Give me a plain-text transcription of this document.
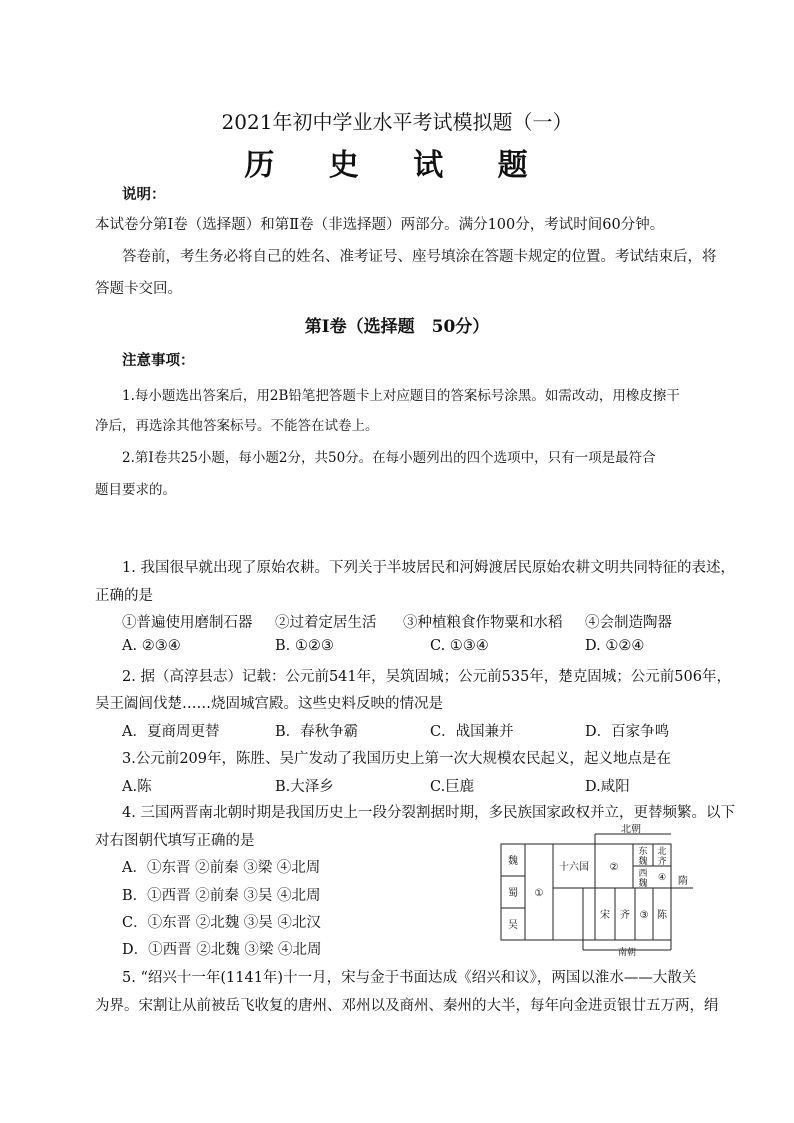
2021年初中学业水平考试模拟题（一）
历 史 试 题
说明：
本试卷分第Ⅰ卷（选择题）和第Ⅱ卷（非选择题）两部分。满分100分，考试时间60分钟。
答卷前，考生务必将自己的姓名、准考证号、座号填涂在答题卡规定的位置。考试结束后，将
答题卡交回。
第Ⅰ卷（选择题　50分）
注意事项：
1.每小题选出答案后，用2B铅笔把答题卡上对应题目的答案标号涂黑。如需改动，用橡皮擦干
净后，再选涂其他答案标号。不能答在试卷上。
2.第Ⅰ卷共25小题，每小题2分，共50分。在每小题列出的四个选项中，只有一项是最符合
题目要求的。
1. 我国很早就出现了原始农耕。下列关于半坡居民和河姆渡居民原始农耕文明共同特征的表述，
正确的是
①普遍使用磨制石器 ②过着定居生活 ③种植粮食作物粟和水稻 ④会制造陶器
A. ②③④	B. ①②③	C. ①③④	D. ①②④
2. 据（高淳县志）记载：公元前541年，吴筑固城；公元前535年，楚克固城；公元前506年，
吴王阖闾伐楚……烧固城宫殿。这些史料反映的情况是
A．夏商周更替	B．春秋争霸	C．战国兼并	D．百家争鸣
3.公元前209年，陈胜、吴广发动了我国历史上第一次大规模农民起义，起义地点是在
A.陈	B.大泽乡	C.巨鹿	D.咸阳
4. 三国两晋南北朝时期是我国历史上一段分裂割据时期，多民族国家政权并立，更替频繁。以下
对右图朝代填写正确的是
A．①东晋 ②前秦 ③梁 ④北周
B．①西晋 ②前秦 ③吴 ④北周
C．①东晋 ②北魏 ③吴 ④北汉
D．①西晋 ②北魏 ③梁 ④北周
北朝
魏
蜀
吴
①
十六国 ②
东
魏
西
魏
北
齐
④ 隋
宋 齐 ③ 陈
南朝
5. “绍兴十一年(1141年)十一月，宋与金于书面达成《绍兴和议》，两国以淮水——大散关
为界。宋割让从前被岳飞收复的唐州、邓州以及商州、秦州的大半，每年向金进贡银廿五万两，绢
